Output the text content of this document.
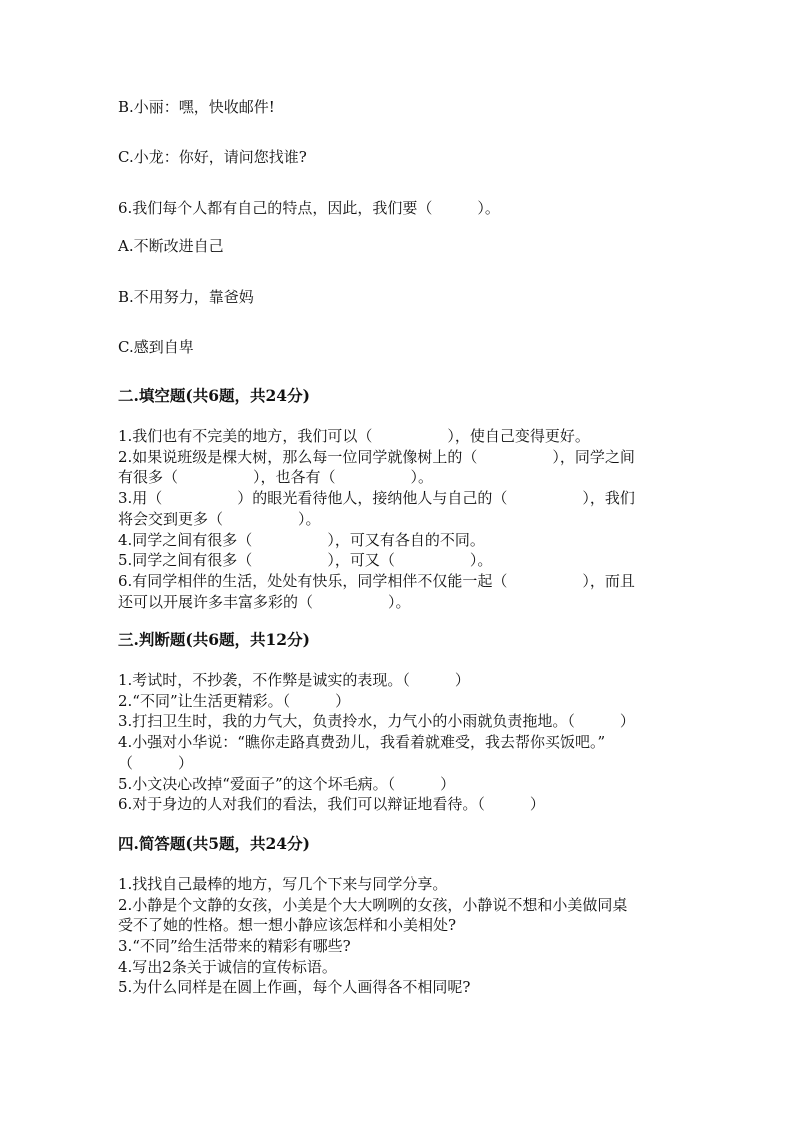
B.小丽：嘿，快收邮件!
C.小龙：你好，请问您找谁?
6.我们每个人都有自己的特点，因此，我们要（　　　）。
A.不断改进自己
B.不用努力，靠爸妈
C.感到自卑
二.填空题(共6题，共24分)
1.我们也有不完美的地方，我们可以（　　　　　），使自己变得更好。
2.如果说班级是棵大树，那么每一位同学就像树上的（　　　　　），同学之间
有很多（　　　　　），也各有（　　　　　）。
3.用（　　　　　）的眼光看待他人，接纳他人与自己的（　　　　　），我们
将会交到更多（　　　　　）。
4.同学之间有很多（　　　　　），可又有各自的不同。
5.同学之间有很多（　　　　　），可又（　　　　　）。
6.有同学相伴的生活，处处有快乐，同学相伴不仅能一起（　　　　　），而且
还可以开展许多丰富多彩的（　　　　　）。
三.判断题(共6题，共12分)
1.考试时，不抄袭，不作弊是诚实的表现。（　　　）
2.“不同”让生活更精彩。（　　　）
3.打扫卫生时，我的力气大，负责拎水，力气小的小雨就负责拖地。（　　　）
4.小强对小华说：“瞧你走路真费劲儿，我看着就难受，我去帮你买饭吧。”
（　　　）
5.小文决心改掉“爱面子”的这个坏毛病。（　　　）
6.对于身边的人对我们的看法，我们可以辩证地看待。（　　　）
四.简答题(共5题，共24分)
1.找找自己最棒的地方，写几个下来与同学分享。
2.小静是个文静的女孩，小美是个大大咧咧的女孩，小静说不想和小美做同桌
受不了她的性格。想一想小静应该怎样和小美相处?
3.“不同”给生活带来的精彩有哪些?
4.写出2条关于诚信的宣传标语。
5.为什么同样是在圆上作画，每个人画得各不相同呢?
